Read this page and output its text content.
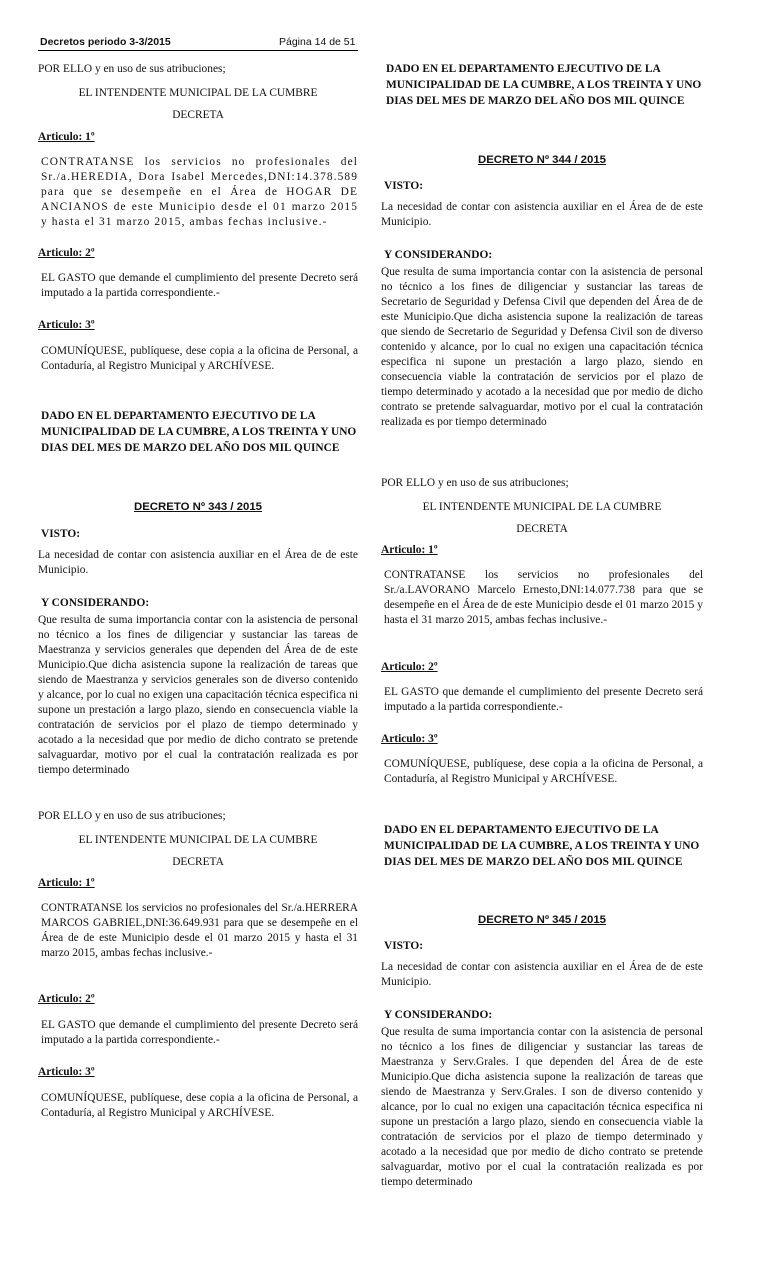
Decretos periodo 3-3/2015	Página 14 de 51
POR ELLO y en uso de sus atribuciones;
EL INTENDENTE MUNICIPAL DE LA CUMBRE
DECRETA
Articulo: 1º
CONTRATANSE los servicios no profesionales del Sr./a.HEREDIA, Dora Isabel Mercedes,DNI:14.378.589 para que se desempeñe en el Área de HOGAR DE ANCIANOS de este Municipio desde el 01 marzo 2015 y hasta el 31 marzo 2015, ambas fechas inclusive.-
Articulo: 2º
EL GASTO que demande el cumplimiento del presente Decreto será imputado a la partida correspondiente.-
Articulo: 3º
COMUNÍQUESE, publíquese, dese copia a la oficina de Personal, a Contaduría, al Registro Municipal y ARCHÍVESE.
DADO EN EL DEPARTAMENTO EJECUTIVO DE LA MUNICIPALIDAD DE LA CUMBRE, A LOS TREINTA Y UNO DIAS DEL MES DE MARZO DEL AÑO DOS MIL QUINCE
DECRETO Nº 343 / 2015
VISTO:
La necesidad de contar con asistencia auxiliar en el Área de de este Municipio.
Y CONSIDERANDO:
Que resulta de suma importancia contar con la asistencia de personal no técnico a los fines de diligenciar y sustanciar las tareas de Maestranza y servicios generales que dependen del Área de de este Municipio.Que dicha asistencia supone la realización de tareas que siendo de Maestranza y servicios generales son de diverso contenido y alcance, por lo cual no exigen una capacitación técnica especifica ni supone un prestación a largo plazo, siendo en consecuencia viable la contratación de servicios por el plazo de tiempo determinado y acotado a la necesidad que por medio de dicho contrato se pretende salvaguardar, motivo por el cual la contratación realizada es por tiempo determinado
POR ELLO y en uso de sus atribuciones;
EL INTENDENTE MUNICIPAL DE LA CUMBRE
DECRETA
Articulo: 1º
CONTRATANSE los servicios no profesionales del Sr./a.HERRERA MARCOS GABRIEL,DNI:36.649.931 para que se desempeñe en el Área de de este Municipio desde el 01 marzo 2015 y hasta el 31 marzo 2015, ambas fechas inclusive.-
Articulo: 2º
EL GASTO que demande el cumplimiento del presente Decreto será imputado a la partida correspondiente.-
Articulo: 3º
COMUNÍQUESE, publíquese, dese copia a la oficina de Personal, a Contaduría, al Registro Municipal y ARCHÍVESE.
DADO EN EL DEPARTAMENTO EJECUTIVO DE LA MUNICIPALIDAD DE LA CUMBRE, A LOS TREINTA Y UNO DIAS DEL MES DE MARZO DEL AÑO DOS MIL QUINCE
DECRETO Nº 344 / 2015
VISTO:
La necesidad de contar con asistencia auxiliar en el Área de de este Municipio.
Y CONSIDERANDO:
Que resulta de suma importancia contar con la asistencia de personal no técnico a los fines de diligenciar y sustanciar las tareas de Secretario de Seguridad y Defensa Civil que dependen del Área de de este Municipio.Que dicha asistencia supone la realización de tareas que siendo de Secretario de Seguridad y Defensa Civil son de diverso contenido y alcance, por lo cual no exigen una capacitación técnica especifica ni supone un prestación a largo plazo, siendo en consecuencia viable la contratación de servicios por el plazo de tiempo determinado y acotado a la necesidad que por medio de dicho contrato se pretende salvaguardar, motivo por el cual la contratación realizada es por tiempo determinado
POR ELLO y en uso de sus atribuciones;
EL INTENDENTE MUNICIPAL DE LA CUMBRE
DECRETA
Articulo: 1º
CONTRATANSE los servicios no profesionales del Sr./a.LAVORANO Marcelo Ernesto,DNI:14.077.738 para que se desempeñe en el Área de de este Municipio desde el 01 marzo 2015 y hasta el 31 marzo 2015, ambas fechas inclusive.-
Articulo: 2º
EL GASTO que demande el cumplimiento del presente Decreto será imputado a la partida correspondiente.-
Articulo: 3º
COMUNÍQUESE, publíquese, dese copia a la oficina de Personal, a Contaduría, al Registro Municipal y ARCHÍVESE.
DADO EN EL DEPARTAMENTO EJECUTIVO DE LA MUNICIPALIDAD DE LA CUMBRE, A LOS TREINTA Y UNO DIAS DEL MES DE MARZO DEL AÑO DOS MIL QUINCE
DECRETO Nº 345 / 2015
VISTO:
La necesidad de contar con asistencia auxiliar en el Área de de este Municipio.
Y CONSIDERANDO:
Que resulta de suma importancia contar con la asistencia de personal no técnico a los fines de diligenciar y sustanciar las tareas de Maestranza y Serv.Grales. I que dependen del Área de de este Municipio.Que dicha asistencia supone la realización de tareas que siendo de Maestranza y Serv.Grales. I son de diverso contenido y alcance, por lo cual no exigen una capacitación técnica especifica ni supone un prestación a largo plazo, siendo en consecuencia viable la contratación de servicios por el plazo de tiempo determinado y acotado a la necesidad que por medio de dicho contrato se pretende salvaguardar, motivo por el cual la contratación realizada es por tiempo determinado
